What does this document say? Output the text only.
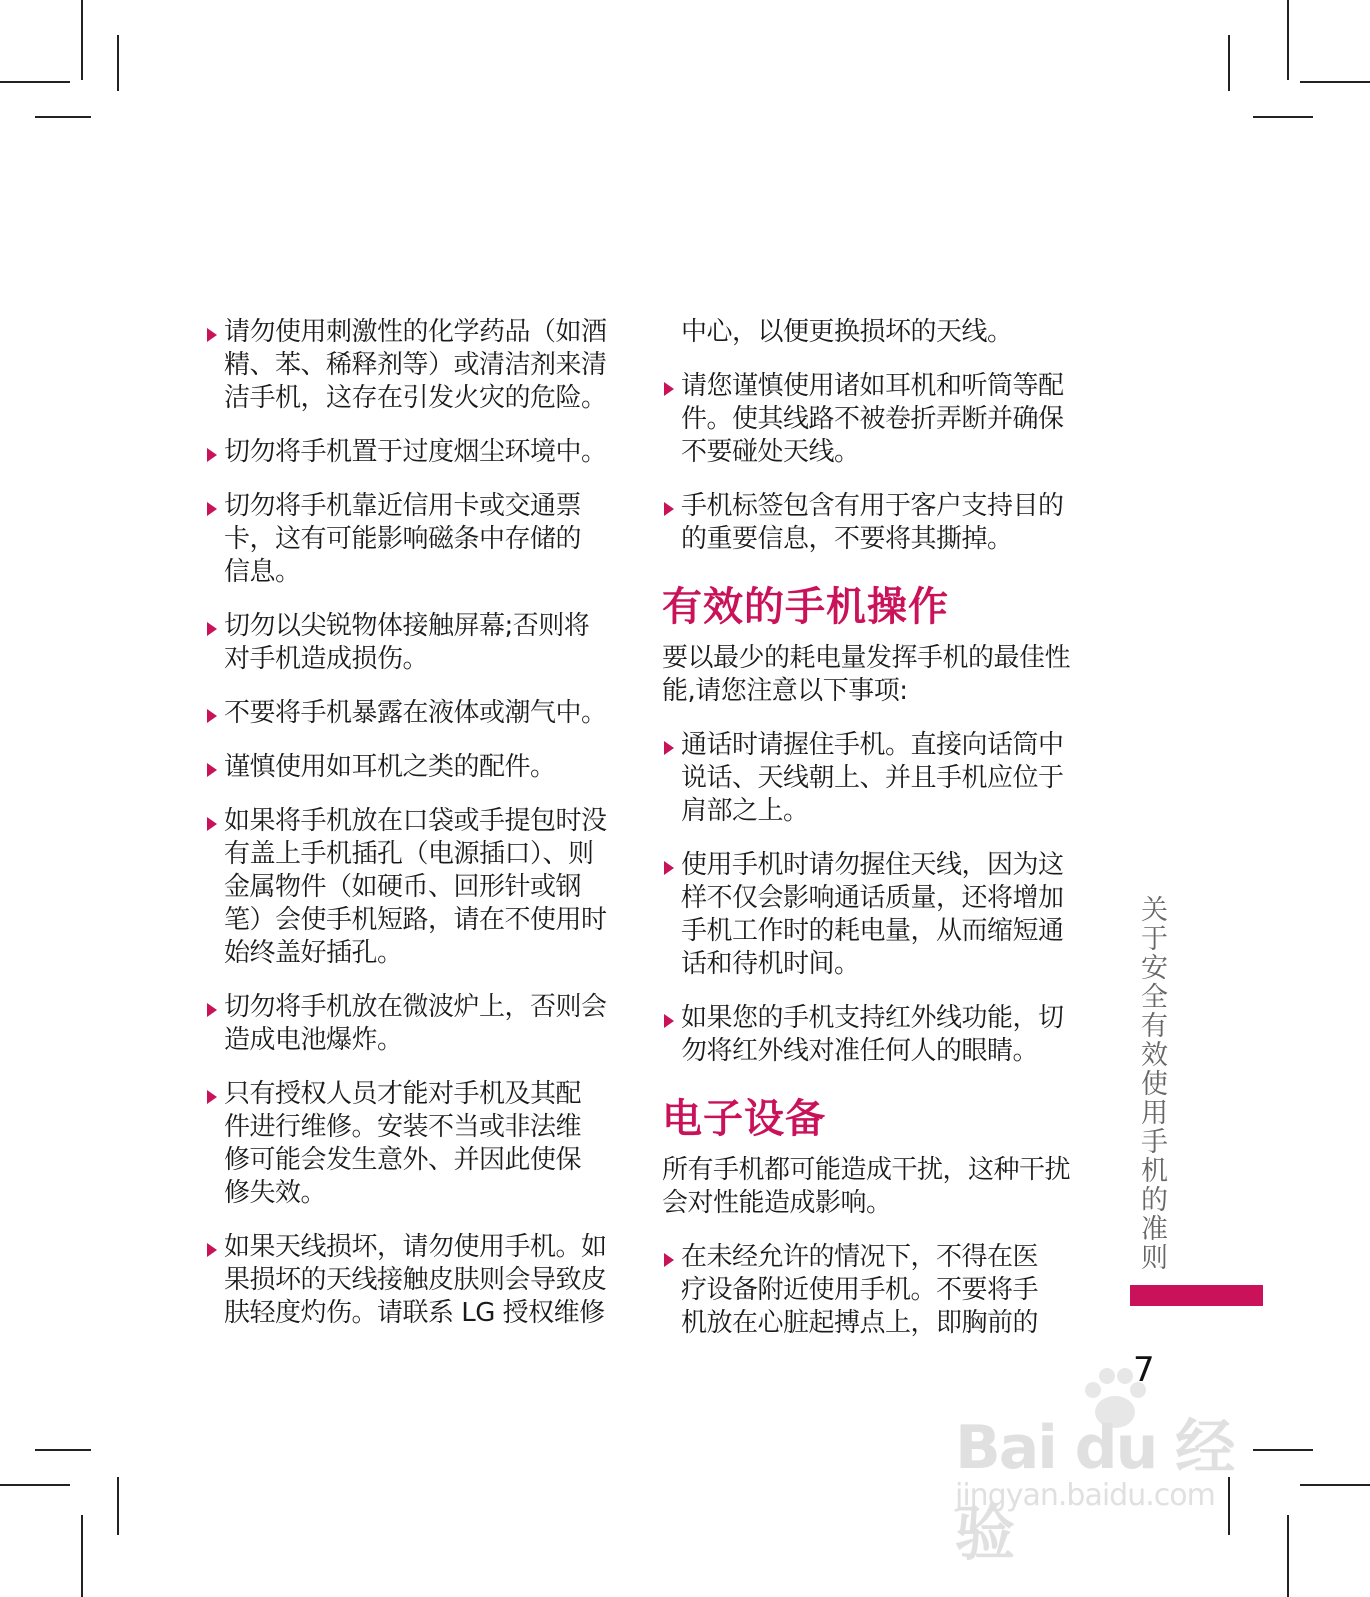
请勿使用刺激性的化学药品（如酒
精、苯、稀释剂等）或清洁剂来清
洁手机，这存在引发火灾的危险。
切勿将手机置于过度烟尘环境中。
切勿将手机靠近信用卡或交通票
卡，这有可能影响磁条中存储的
信息。
切勿以尖锐物体接触屏幕;否则将
对手机造成损伤。
不要将手机暴露在液体或潮气中。
谨慎使用如耳机之类的配件。
如果将手机放在口袋或手提包时没
有盖上手机插孔（电源插口）、则
金属物件（如硬币、回形针或钢
笔）会使手机短路，请在不使用时
始终盖好插孔。
切勿将手机放在微波炉上，否则会
造成电池爆炸。
只有授权人员才能对手机及其配
件进行维修。安装不当或非法维
修可能会发生意外、并因此使保
修失效。
如果天线损坏，请勿使用手机。如
果损坏的天线接触皮肤则会导致皮
肤轻度灼伤。请联系 LG 授权维修
中心，以便更换损坏的天线。
请您谨慎使用诸如耳机和听筒等配
件。使其线路不被卷折弄断并确保
不要碰处天线。
手机标签包含有用于客户支持目的
的重要信息，不要将其撕掉。
有效的手机操作
要以最少的耗电量发挥手机的最佳性
能,请您注意以下事项:
通话时请握住手机。直接向话筒中
说话、天线朝上、并且手机应位于
肩部之上。
使用手机时请勿握住天线，因为这
样不仅会影响通话质量，还将增加
手机工作时的耗电量，从而缩短通
话和待机时间。
如果您的手机支持红外线功能，切
勿将红外线对准任何人的眼睛。
电子设备
所有手机都可能造成干扰，这种干扰
会对性能造成影响。
在未经允许的情况下，不得在医
疗设备附近使用手机。不要将手
机放在心脏起搏点上，即胸前的
关于安全有效使用手机的准则
7
Bai du 经验
jingyan.baidu.com
